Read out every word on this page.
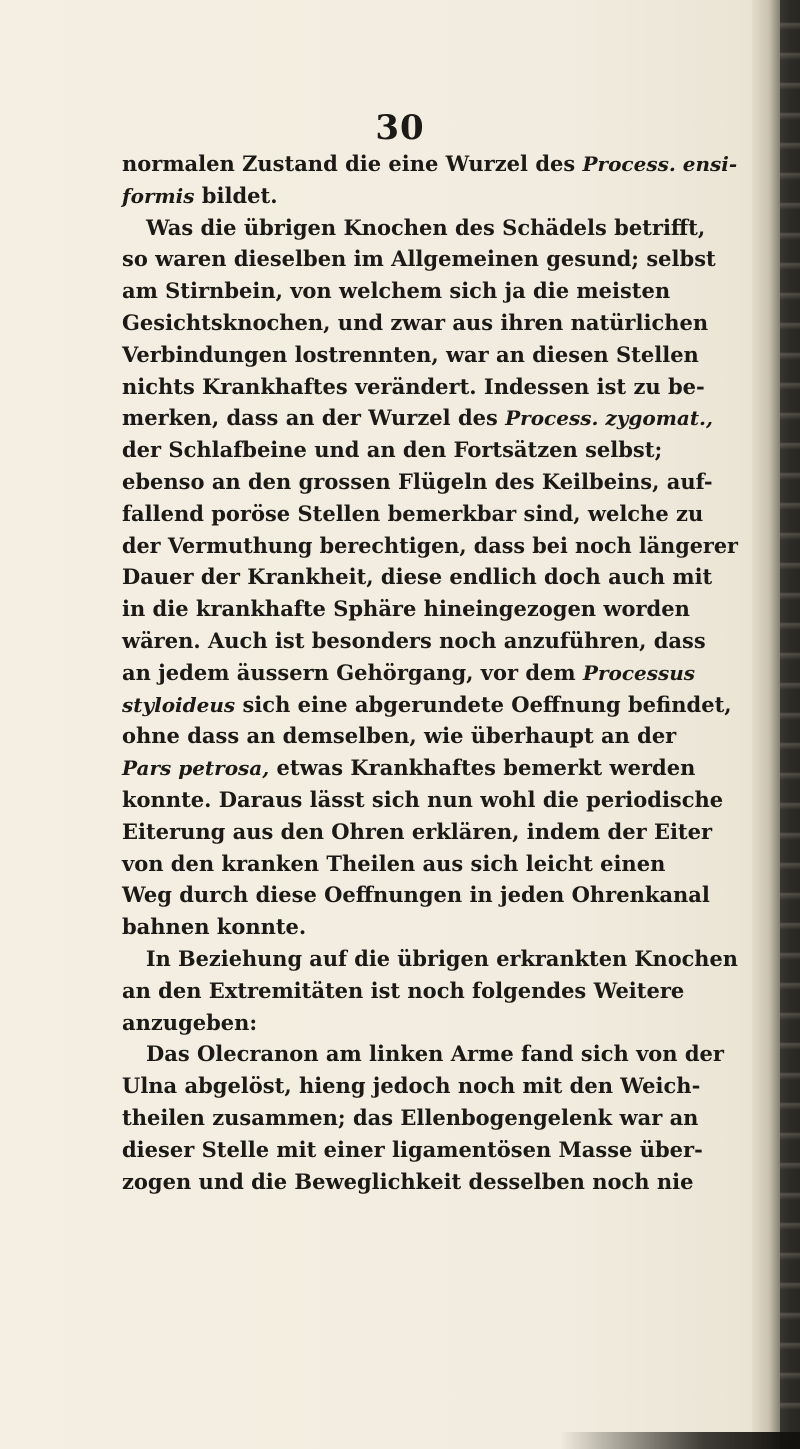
30
normalen Zustand die eine Wurzel des Process. ensi-
formis bildet.
Was die übrigen Knochen des Schädels betrifft,
so waren dieselben im Allgemeinen gesund; selbst
am Stirnbein, von welchem sich ja die meisten
Gesichtsknochen, und zwar aus ihren natürlichen
Verbindungen lostrennten, war an diesen Stellen
nichts Krankhaftes verändert. Indessen ist zu be-
merken, dass an der Wurzel des Process. zygomat.,
der Schlafbeine und an den Fortsätzen selbst;
ebenso an den grossen Flügeln des Keilbeins, auf-
fallend poröse Stellen bemerkbar sind, welche zu
der Vermuthung berechtigen, dass bei noch längerer
Dauer der Krankheit, diese endlich doch auch mit
in die krankhafte Sphäre hineingezogen worden
wären. Auch ist besonders noch anzuführen, dass
an jedem äussern Gehörgang, vor dem Processus
styloideus sich eine abgerundete Oeffnung befindet,
ohne dass an demselben, wie überhaupt an der
Pars petrosa, etwas Krankhaftes bemerkt werden
konnte. Daraus lässt sich nun wohl die periodische
Eiterung aus den Ohren erklären, indem der Eiter
von den kranken Theilen aus sich leicht einen
Weg durch diese Oeffnungen in jeden Ohrenkanal
bahnen konnte.
In Beziehung auf die übrigen erkrankten Knochen
an den Extremitäten ist noch folgendes Weitere
anzugeben:
Das Olecranon am linken Arme fand sich von der
Ulna abgelöst, hieng jedoch noch mit den Weich-
theilen zusammen; das Ellenbogengelenk war an
dieser Stelle mit einer ligamentösen Masse über-
zogen und die Beweglichkeit desselben noch nie
